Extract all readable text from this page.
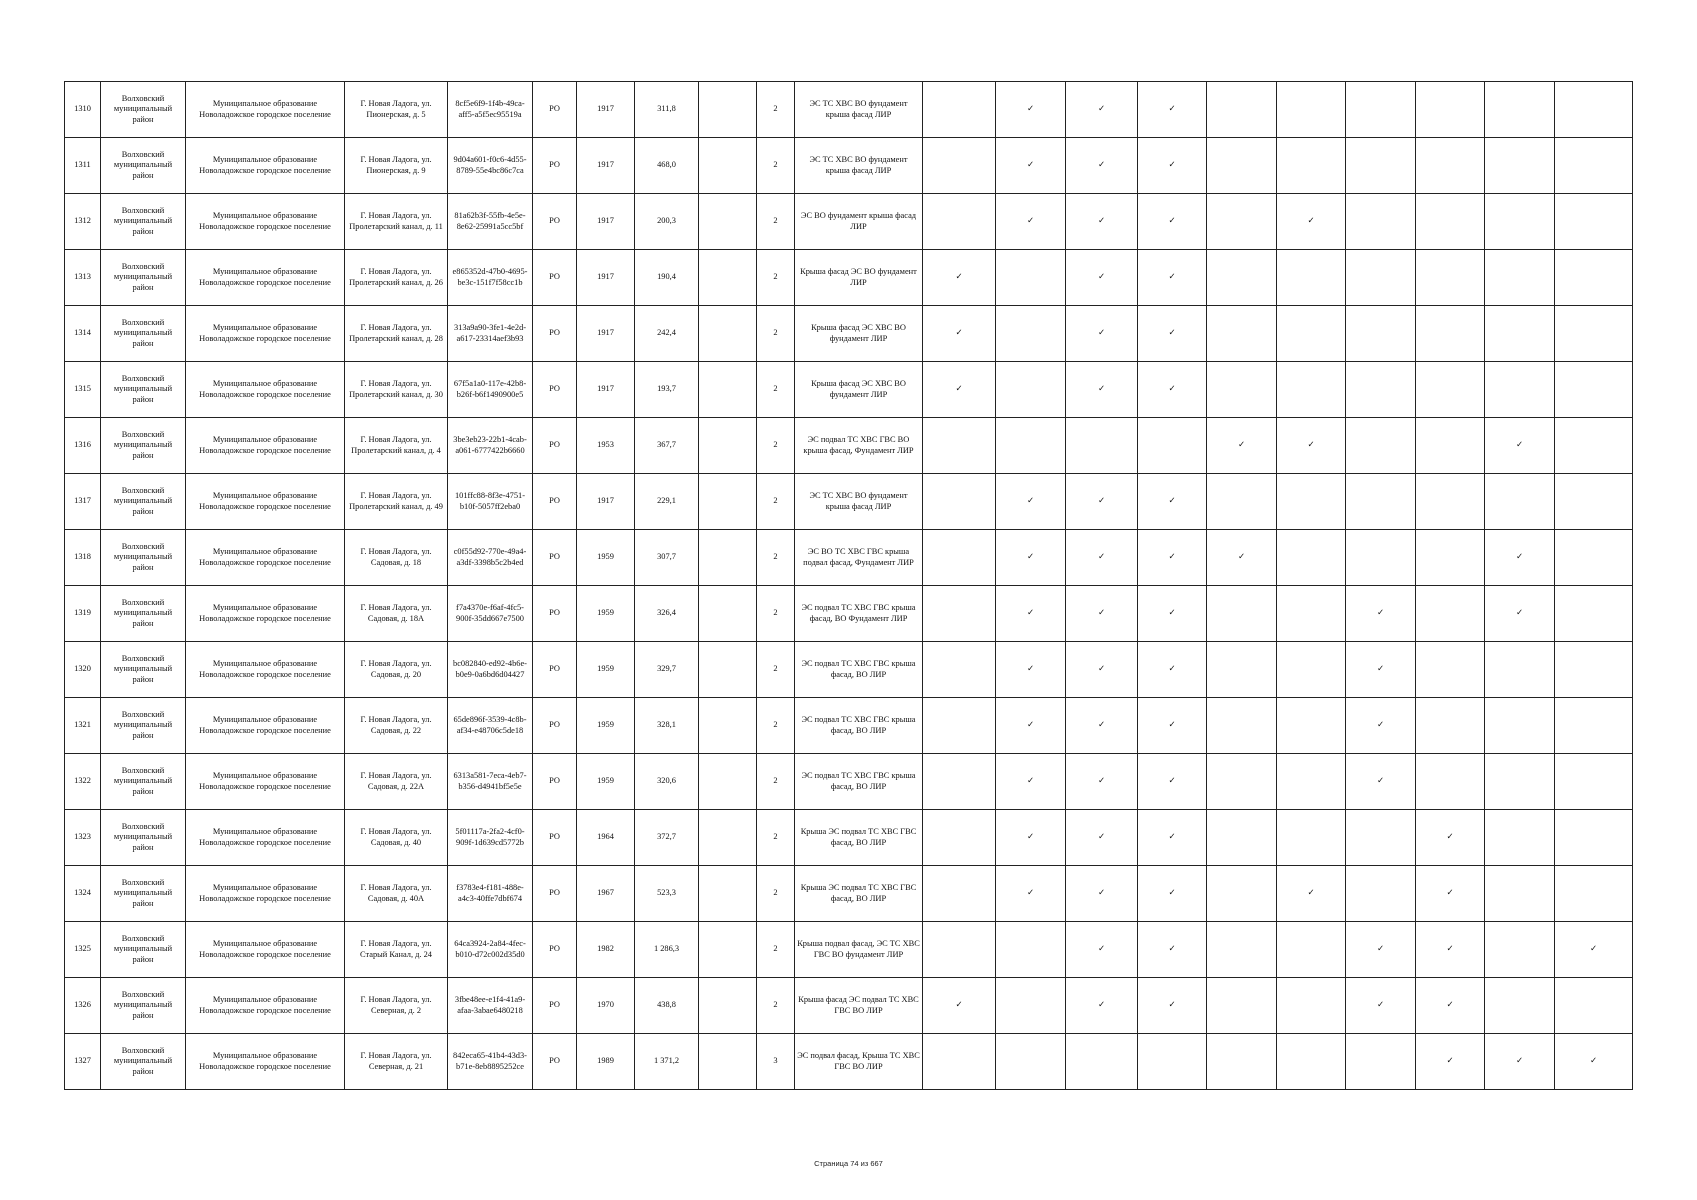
1310	Волховский муниципальный район	Муниципальное образование Новоладожское городское поселение	Г. Новая Ладога, ул. Пионерская, д. 5	8cf5e6f9-1f4b-49ca-aff5-a5f5ec95519a	РО	1917	311,8		2	ЭС ТС ХВС ВО фундамент крыша фасад ЛИР		✓	✓	✓						
1311	Волховский муниципальный район	Муниципальное образование Новоладожское городское поселение	Г. Новая Ладога, ул. Пионерская, д. 9	9d04a601-f0c6-4d55-8789-55e4bc86c7ca	РО	1917	468,0		2	ЭС ТС ХВС ВО фундамент крыша фасад ЛИР		✓	✓	✓						
1312	Волховский муниципальный район	Муниципальное образование Новоладожское городское поселение	Г. Новая Ладога, ул. Пролетарский канал, д. 11	81a62b3f-55fb-4e5e-8e62-25991a5cc5bf	РО	1917	200,3		2	ЭС ВО фундамент крыша фасад ЛИР		✓	✓	✓		✓				
1313	Волховский муниципальный район	Муниципальное образование Новоладожское городское поселение	Г. Новая Ладога, ул. Пролетарский канал, д. 26	e865352d-47b0-4695-be3c-151f7f58cc1b	РО	1917	190,4		2	Крыша фасад ЭС ВО фундамент ЛИР	✓		✓	✓						
1314	Волховский муниципальный район	Муниципальное образование Новоладожское городское поселение	Г. Новая Ладога, ул. Пролетарский канал, д. 28	313a9a90-3fe1-4e2d-a617-23314aef3b93	РО	1917	242,4		2	Крыша фасад ЭС ХВС ВО фундамент ЛИР	✓		✓	✓						
1315	Волховский муниципальный район	Муниципальное образование Новоладожское городское поселение	Г. Новая Ладога, ул. Пролетарский канал, д. 30	67f5a1a0-117e-42b8-b26f-b6f1490900e5	РО	1917	193,7		2	Крыша фасад ЭС ХВС ВО фундамент ЛИР	✓		✓	✓						
1316	Волховский муниципальный район	Муниципальное образование Новоладожское городское поселение	Г. Новая Ладога, ул. Пролетарский канал, д. 4	3be3eb23-22b1-4cab-a061-6777422b6660	РО	1953	367,7		2	ЭС подвал ТС ХВС ГВС ВО крыша фасад, Фундамент ЛИР					✓	✓			✓	
1317	Волховский муниципальный район	Муниципальное образование Новоладожское городское поселение	Г. Новая Ладога, ул. Пролетарский канал, д. 49	101ffc88-8f3e-4751-b10f-5057ff2eba0	РО	1917	229,1		2	ЭС ТС ХВС ВО фундамент крыша фасад ЛИР		✓	✓	✓						
1318	Волховский муниципальный район	Муниципальное образование Новоладожское городское поселение	Г. Новая Ладога, ул. Садовая, д. 18	c0f55d92-770e-49a4-a3df-3398b5c2b4ed	РО	1959	307,7		2	ЭС ВО ТС ХВС ГВС крыша подвал фасад, Фундамент ЛИР		✓	✓	✓	✓				✓	
1319	Волховский муниципальный район	Муниципальное образование Новоладожское городское поселение	Г. Новая Ладога, ул. Садовая, д. 18А	f7a4370e-f6af-4fc5-900f-35dd667e7500	РО	1959	326,4		2	ЭС подвал ТС ХВС ГВС крыша фасад, ВО Фундамент ЛИР		✓	✓	✓			✓		✓	
1320	Волховский муниципальный район	Муниципальное образование Новоладожское городское поселение	Г. Новая Ладога, ул. Садовая, д. 20	bc082840-ed92-4b6e-b0e9-0a6bd6d04427	РО	1959	329,7		2	ЭС подвал ТС ХВС ГВС крыша фасад, ВО ЛИР		✓	✓	✓			✓			
1321	Волховский муниципальный район	Муниципальное образование Новоладожское городское поселение	Г. Новая Ладога, ул. Садовая, д. 22	65de896f-3539-4c8b-af34-e48706c5de18	РО	1959	328,1		2	ЭС подвал ТС ХВС ГВС крыша фасад, ВО ЛИР		✓	✓	✓			✓			
1322	Волховский муниципальный район	Муниципальное образование Новоладожское городское поселение	Г. Новая Ладога, ул. Садовая, д. 22А	6313a581-7eca-4eb7-b356-d4941bf5e5e	РО	1959	320,6		2	ЭС подвал ТС ХВС ГВС крыша фасад, ВО ЛИР		✓	✓	✓			✓			
1323	Волховский муниципальный район	Муниципальное образование Новоладожское городское поселение	Г. Новая Ладога, ул. Садовая, д. 40	5f01117a-2fa2-4cf0-909f-1d639cd5772b	РО	1964	372,7		2	Крыша ЭС подвал ТС ХВС ГВС фасад, ВО ЛИР		✓	✓	✓				✓		
1324	Волховский муниципальный район	Муниципальное образование Новоладожское городское поселение	Г. Новая Ладога, ул. Садовая, д. 40А	f3783e4-f181-488e-a4c3-40ffe7dbf674	РО	1967	523,3		2	Крыша ЭС подвал ТС ХВС ГВС фасад, ВО ЛИР		✓	✓	✓		✓		✓		
1325	Волховский муниципальный район	Муниципальное образование Новоладожское городское поселение	Г. Новая Ладога, ул. Старый Канал, д. 24	64ca3924-2a84-4fec-b010-d72c002d35d0	РО	1982	1 286,3		2	Крыша подвал фасад, ЭС ТС ХВС ГВС ВО фундамент ЛИР			✓	✓			✓	✓		✓
1326	Волховский муниципальный район	Муниципальное образование Новоладожское городское поселение	Г. Новая Ладога, ул. Северная, д. 2	3fbe48ee-e1f4-41a9-afaa-3abae6480218	РО	1970	438,8		2	Крыша фасад ЭС подвал ТС ХВС ГВС ВО ЛИР	✓		✓	✓			✓	✓		
1327	Волховский муниципальный район	Муниципальное образование Новоладожское городское поселение	Г. Новая Ладога, ул. Северная, д. 21	842eca65-41b4-43d3-b71e-8eb8895252ce	РО	1989	1 371,2		3	ЭС подвал фасад, Крыша ТС ХВС ГВС ВО ЛИР								✓	✓	✓
Страница 74 из 667
